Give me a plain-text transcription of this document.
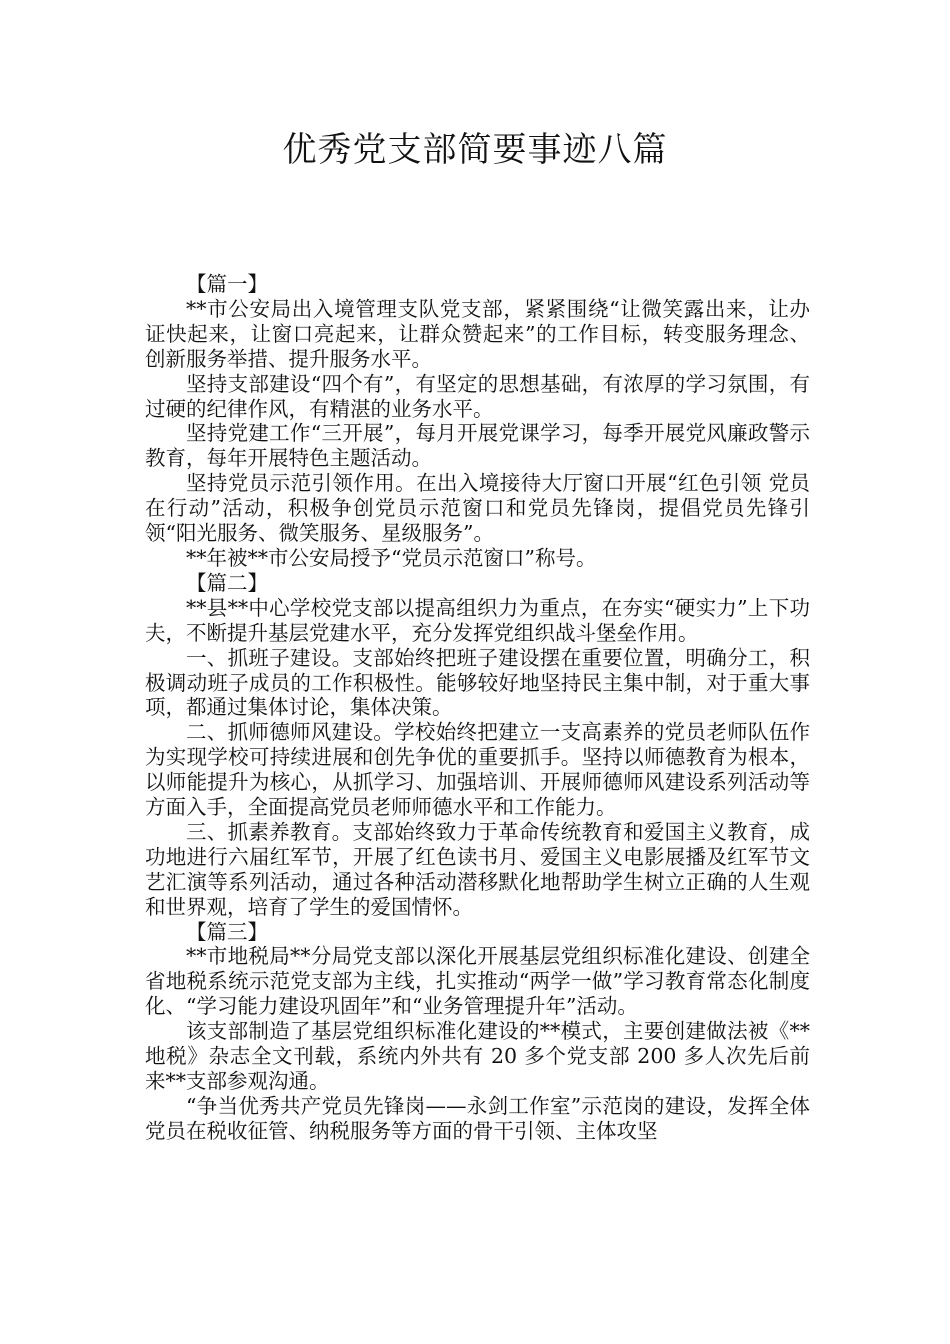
优秀党支部简要事迹八篇

【篇一】

**市公安局出入境管理支队党支部，紧紧围绕“让微笑露出来，让办证快起来，让窗口亮起来，让群众赞起来”的工作目标，转变服务理念、创新服务举措、提升服务水平。

坚持支部建设“四个有”，有坚定的思想基础，有浓厚的学习氛围，有过硬的纪律作风，有精湛的业务水平。

坚持党建工作“三开展”，每月开展党课学习，每季开展党风廉政警示教育，每年开展特色主题活动。

坚持党员示范引领作用。在出入境接待大厅窗口开展“红色引领 党员在行动”活动，积极争创党员示范窗口和党员先锋岗，提倡党员先锋引领“阳光服务、微笑服务、星级服务”。

**年被**市公安局授予“党员示范窗口”称号。

【篇二】

**县**中心学校党支部以提高组织力为重点，在夯实“硬实力”上下功夫，不断提升基层党建水平，充分发挥党组织战斗堡垒作用。

一、抓班子建设。支部始终把班子建设摆在重要位置，明确分工，积极调动班子成员的工作积极性。能够较好地坚持民主集中制，对于重大事项，都通过集体讨论，集体决策。

二、抓师德师风建设。学校始终把建立一支高素养的党员老师队伍作为实现学校可持续进展和创先争优的重要抓手。坚持以师德教育为根本，以师能提升为核心，从抓学习、加强培训、开展师德师风建设系列活动等方面入手，全面提高党员老师师德水平和工作能力。

三、抓素养教育。支部始终致力于革命传统教育和爱国主义教育，成功地进行六届红军节，开展了红色读书月、爱国主义电影展播及红军节文艺汇演等系列活动，通过各种活动潜移默化地帮助学生树立正确的人生观和世界观，培育了学生的爱国情怀。

【篇三】

**市地税局**分局党支部以深化开展基层党组织标准化建设、创建全省地税系统示范党支部为主线，扎实推动“两学一做”学习教育常态化制度化、“学习能力建设巩固年”和“业务管理提升年”活动。

该支部制造了基层党组织标准化建设的**模式，主要创建做法被《**地税》杂志全文刊载，系统内外共有 20 多个党支部 200 多人次先后前来**支部参观沟通。

“争当优秀共产党员先锋岗——永剑工作室”示范岗的建设，发挥全体党员在税收征管、纳税服务等方面的骨干引领、主体攻坚
